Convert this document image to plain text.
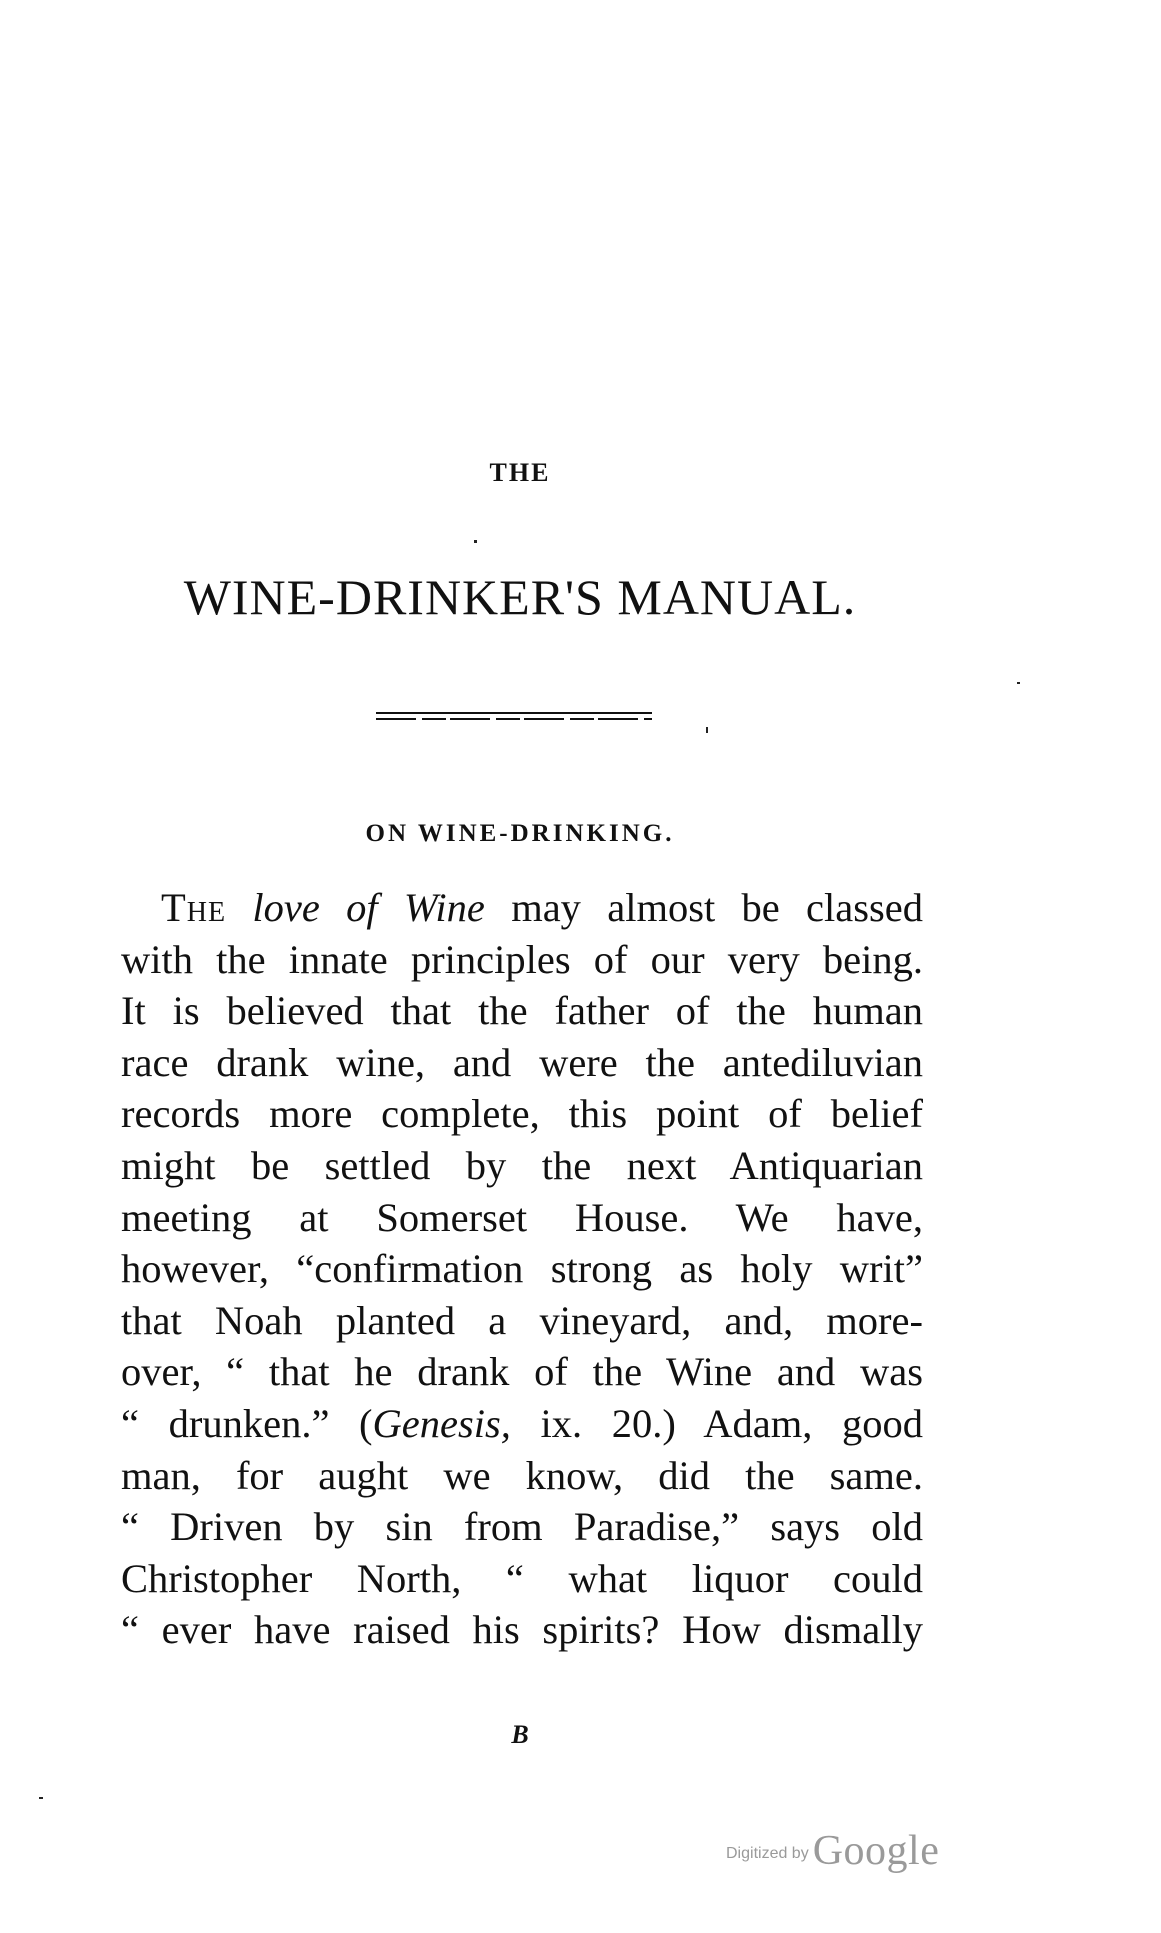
THE
WINE-DRINKER'S MANUAL.
ON WINE-DRINKING.
The love of Wine may almost be classed
with the innate principles of our very being.
It is believed that the father of the human
race drank wine, and were the antediluvian
records more complete, this point of belief
might be settled by the next Antiquarian
meeting at Somerset House. We have,
however, “confirmation strong as holy writ”
that Noah planted a vineyard, and, more-
over, “ that he drank of the Wine and was
“ drunken.” (Genesis, ix. 20.) Adam, good
man, for aught we know, did the same.
“ Driven by sin from Paradise,” says old
Christopher North, “ what liquor could
“ ever have raised his spirits? How dismally
B
Digitized by Google
